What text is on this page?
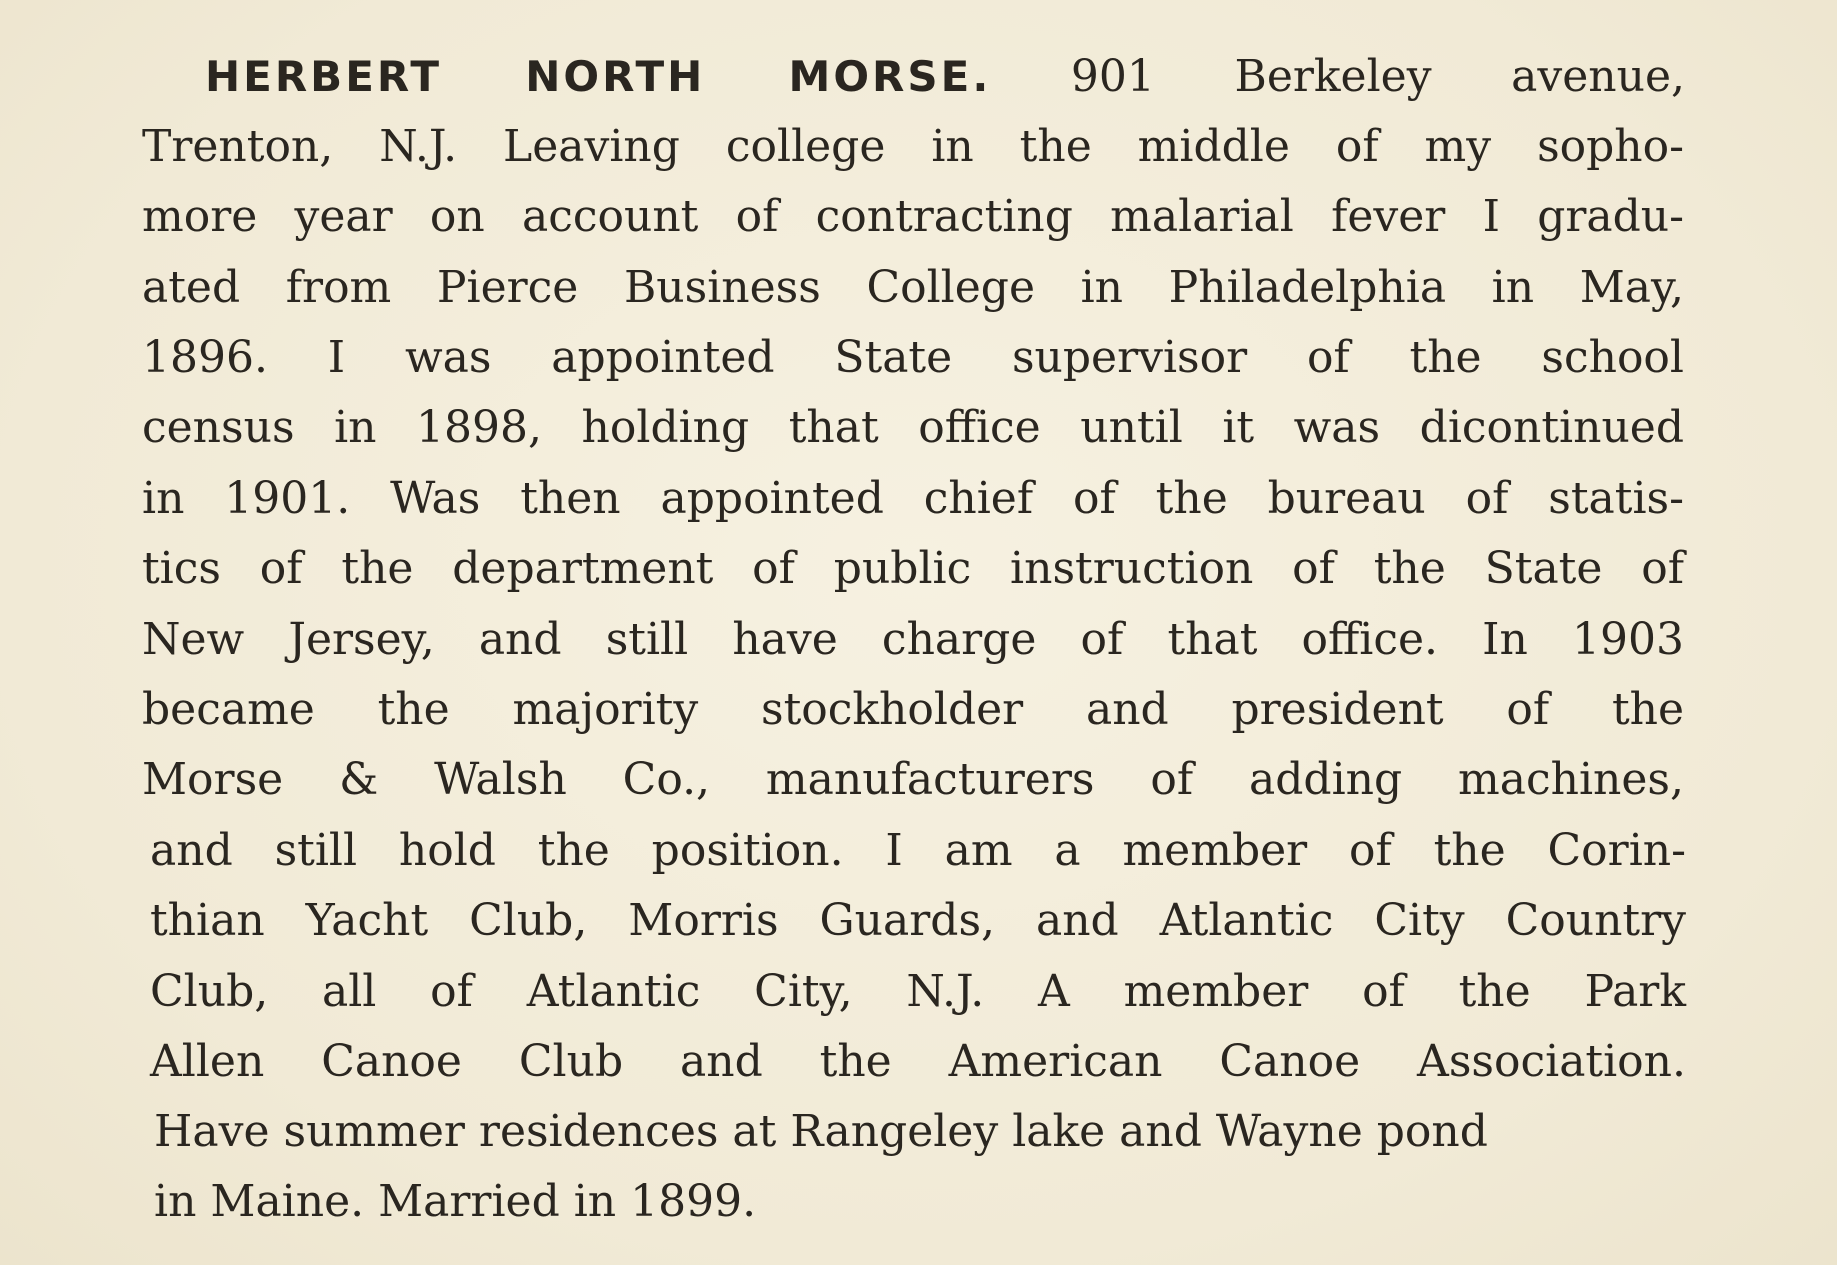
HERBERT NORTH MORSE. 901 Berkeley avenue,
Trenton, N.J. Leaving college in the middle of my sopho-
more year on account of contracting malarial fever I gradu-
ated from Pierce Business College in Philadelphia in May,
1896. I was appointed State supervisor of the school
census in 1898, holding that office until it was dicontinued
in 1901. Was then appointed chief of the bureau of statis-
tics of the department of public instruction of the State of
New Jersey, and still have charge of that office. In 1903
became the majority stockholder and president of the
Morse & Walsh Co., manufacturers of adding machines,
and still hold the position. I am a member of the Corin-
thian Yacht Club, Morris Guards, and Atlantic City Country
Club, all of Atlantic City, N.J. A member of the Park
Allen Canoe Club and the American Canoe Association.
Have summer residences at Rangeley lake and Wayne pond
in Maine. Married in 1899.
